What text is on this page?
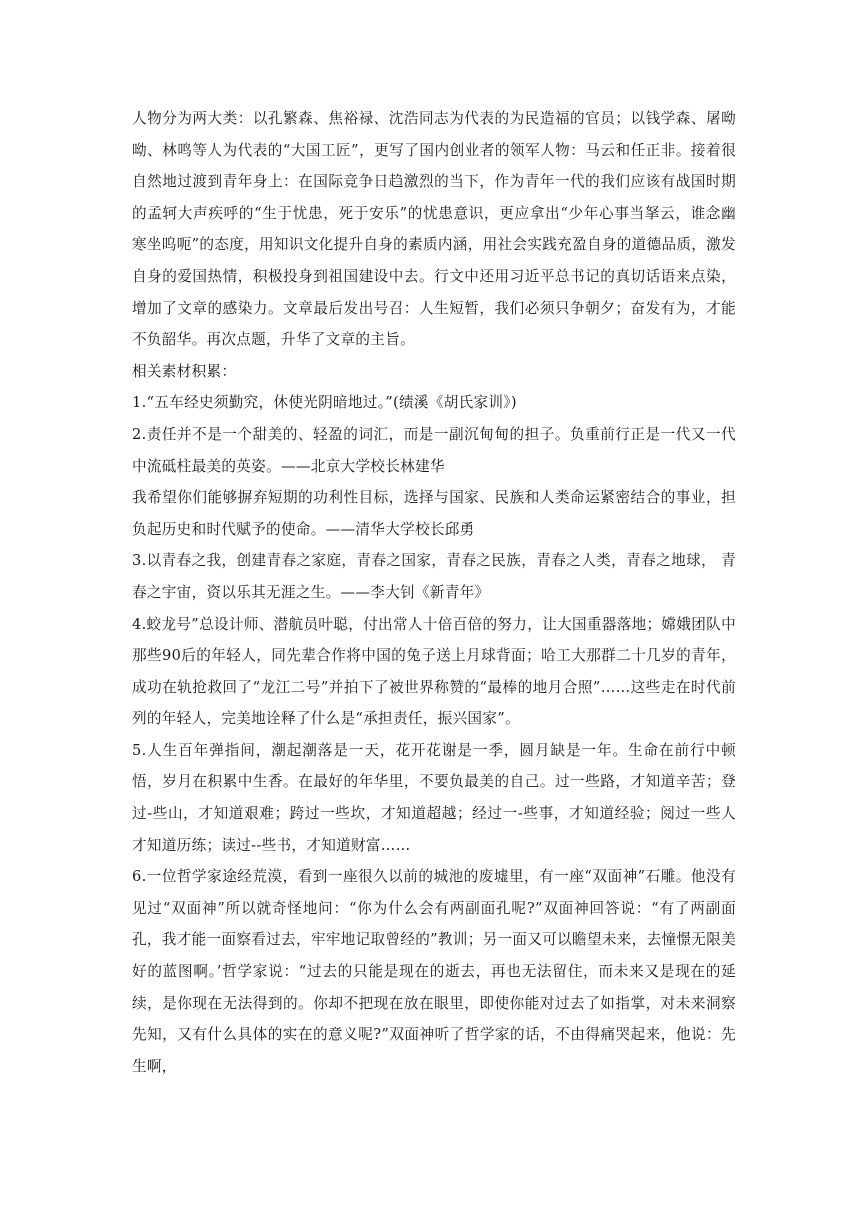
人物分为两大类：以孔繁森、焦裕禄、沈浩同志为代表的为民造福的官员；以钱学森、屠呦呦、林鸣等人为代表的“大国工匠”，更写了国内创业者的领军人物：马云和任正非。接着很自然地过渡到青年身上：在国际竞争日趋激烈的当下，作为青年一代的我们应该有战国时期的孟轲大声疾呼的“生于忧患，死于安乐”的忧患意识，更应拿出“少年心事当拏云，谁念幽寒坐呜呃”的态度，用知识文化提升自身的素质内涵，用社会实践充盈自身的道德品质，激发自身的爱国热情，积极投身到祖国建设中去。行文中还用习近平总书记的真切话语来点染，增加了文章的感染力。文章最后发出号召：人生短暂，我们必须只争朝夕；奋发有为，才能不负韶华。再次点题，升华了文章的主旨。

相关素材积累：

1.“五车经史须勤究，休使光阴暗地过。”(绩溪《胡氏家训》)

2.责任并不是一个甜美的、轻盈的词汇，而是一副沉甸甸的担子。负重前行正是一代又一代中流砥柱最美的英姿。——北京大学校长林建华

我希望你们能够摒弃短期的功利性目标，选择与国家、民族和人类命运紧密结合的事业，担负起历史和时代赋予的使命。——清华大学校长邱勇

3.以青春之我，创建青春之家庭，青春之国家，青春之民族，青春之人类，青春之地球， 青春之宇宙，资以乐其无涯之生。——李大钊《新青年》

4.蛟龙号”总设计师、潜航员叶聪，付出常人十倍百倍的努力，让大国重器落地；嫦娥团队中那些90后的年轻人，同先辈合作将中国的兔子送上月球背面；哈工大那群二十几岁的青年，成功在轨抢救回了“龙江二号”并拍下了被世界称赞的“最棒的地月合照”……这些走在时代前列的年轻人，完美地诠释了什么是“承担责任，振兴国家”。

5.人生百年弹指间，潮起潮落是一天，花开花谢是一季，圆月缺是一年。生命在前行中顿悟，岁月在积累中生香。在最好的年华里，不要负最美的自己。过一些路，才知道辛苦；登过-些山，才知道艰难；跨过一些坎，才知道超越；经过一-些事，才知道经验；阅过一些人才知道历练；读过--些书，才知道财富……

6.一位哲学家途经荒漠，看到一座很久以前的城池的废墟里，有一座“双面神”石雕。他没有见过“双面神”所以就奇怪地问：“你为什么会有两副面孔呢?”双面神回答说：“有了两副面孔，我才能一面察看过去，牢牢地记取曾经的”教训；另一面又可以瞻望未来，去憧憬无限美好的蓝图啊。’哲学家说：“过去的只能是现在的逝去，再也无法留住，而未来又是现在的延续，是你现在无法得到的。你却不把现在放在眼里，即使你能对过去了如指掌，对未来洞察先知，又有什么具体的实在的意义呢?”双面神听了哲学家的话，不由得痛哭起来，他说：先生啊，
